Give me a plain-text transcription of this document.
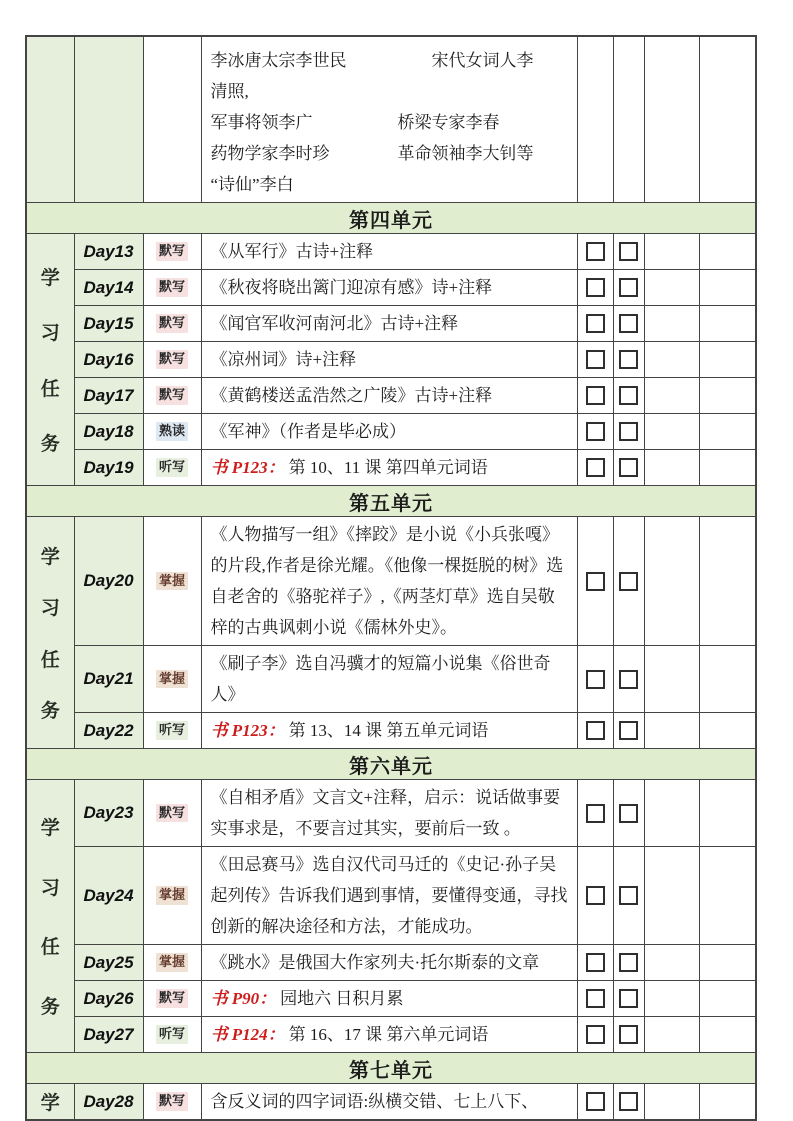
			李冰唐太宗李世民　　　　　宋代女词人李
清照,
军事将领李广　　　　　桥梁专家李春
药物学家李时珍　　　　革命领袖李大钊等
“诗仙”李白				

第四单元							

学
习
任
务	Day13	默写	《从军行》古诗+注释				

	Day14	默写	《秋夜将晓出篱门迎凉有感》诗+注释				

	Day15	默写	《闻官军收河南河北》古诗+注释				

	Day16	默写	《凉州词》诗+注释				

	Day17	默写	《黄鹤楼送孟浩然之广陵》古诗+注释				

	Day18	熟读	《军神》（作者是毕必成）				

	Day19	听写	书 P123： 第 10、11 课 第四单元词语				

第五单元							

学
习
任
务	Day20	掌握	《人物描写一组》《摔跤》是小说《小兵张嘎》的片段,作者是徐光耀。《他像一棵挺脱的树》选自老舍的《骆驼祥子》,《两茎灯草》选自吴敬梓的古典讽刺小说《儒林外史》。				

	Day21	掌握	《刷子李》选自冯骥才的短篇小说集《俗世奇人》				

	Day22	听写	书 P123： 第 13、14 课 第五单元词语				

第六单元							

学
习
任
务	Day23	默写	《自相矛盾》文言文+注释，启示：说话做事要实事求是，不要言过其实，要前后一致 。				

	Day24	掌握	《田忌赛马》选自汉代司马迁的《史记·孙子吴起列传》告诉我们遇到事情，要懂得变通，寻找创新的解决途径和方法，才能成功。				

	Day25	掌握	《跳水》是俄国大作家列夫·托尔斯泰的文章				

	Day26	默写	书 P90： 园地六 日积月累				

	Day27	听写	书 P124： 第 16、17 课 第六单元词语				

第七单元							

学	Day28	默写	含反义词的四字词语:纵横交错、七上八下、				
